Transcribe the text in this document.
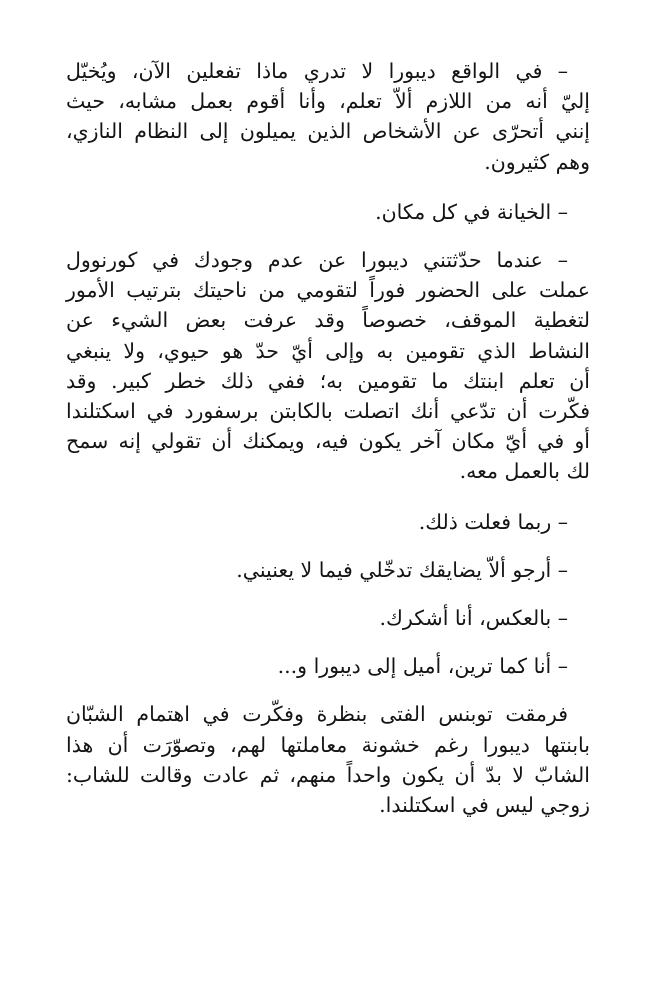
– في الواقع ديبورا لا تدري ماذا تفعلين الآن، ويُخيّل
إليّ أنه من اللازم ألاّ تعلم، وأنا أقوم بعمل مشابه، حيث
إنني أتحرّى عن الأشخاص الذين يميلون إلى النظام النازي،
وهم كثيرون.
– الخيانة في كل مكان.
– عندما حدّثتني ديبورا عن عدم وجودك في كورنوول
عملت على الحضور فوراً لتقومي من ناحيتك بترتيب الأمور
لتغطية الموقف، خصوصاً وقد عرفت بعض الشيء عن
النشاط الذي تقومين به وإلى أيّ حدّ هو حيوي، ولا ينبغي
أن تعلم ابنتك ما تقومين به؛ ففي ذلك خطر كبير. وقد
فكّرت أن تدّعي أنك اتصلت بالكابتن برسفورد في اسكتلندا
أو في أيّ مكان آخر يكون فيه، ويمكنك أن تقولي إنه سمح
لك بالعمل معه.
– ربما فعلت ذلك.
– أرجو ألاّ يضايقك تدخّلي فيما لا يعنيني.
– بالعكس، أنا أشكرك.
– أنا كما ترين، أميل إلى ديبورا و...
فرمقت توبنس الفتى بنظرة وفكّرت في اهتمام الشبّان
بابنتها ديبورا رغم خشونة معاملتها لهم، وتصوّرَت أن هذا
الشابّ لا بدّ أن يكون واحداً منهم، ثم عادت وقالت للشاب:
زوجي ليس في اسكتلندا.
